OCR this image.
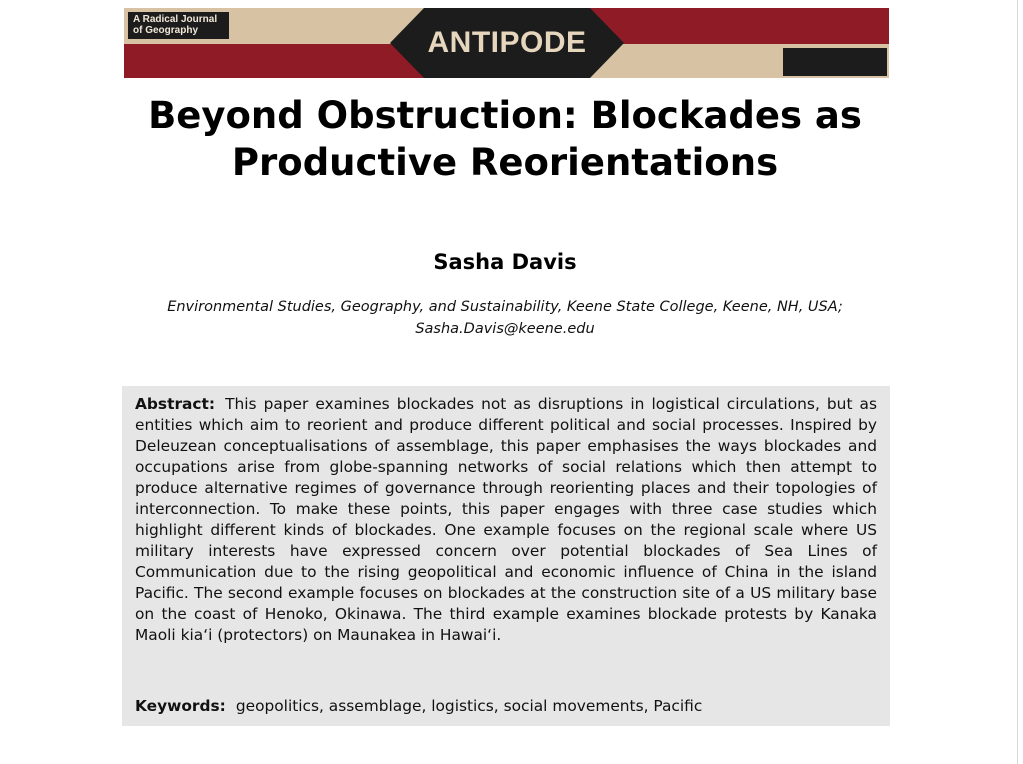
A Radical Journal
of Geography	ANTIPODE
Beyond Obstruction: Blockades as
Productive Reorientations
Sasha Davis
Environmental Studies, Geography, and Sustainability, Keene State College, Keene, NH, USA;
Sasha.Davis@keene.edu

Abstract: This paper examines blockades not as disruptions in logistical circulations, but as entities which aim to reorient and produce different political and social processes. Inspired by Deleuzean conceptualisations of assemblage, this paper emphasises the ways blockades and occupations arise from globe-spanning networks of social relations which then attempt to produce alternative regimes of governance through reorienting places and their topologies of interconnection. To make these points, this paper engages with three case studies which highlight different kinds of blockades. One example focuses on the regional scale where US military interests have expressed concern over potential blockades of Sea Lines of Communication due to the rising geopolitical and economic influence of China in the island Pacific. The second example focuses on blockades at the construction site of a US military base on the coast of Henoko, Okinawa. The third example examines blockade protests by Kanaka Maoli kia‘i (protectors) on Maunakea in Hawai‘i.

Keywords: geopolitics, assemblage, logistics, social movements, Pacific
